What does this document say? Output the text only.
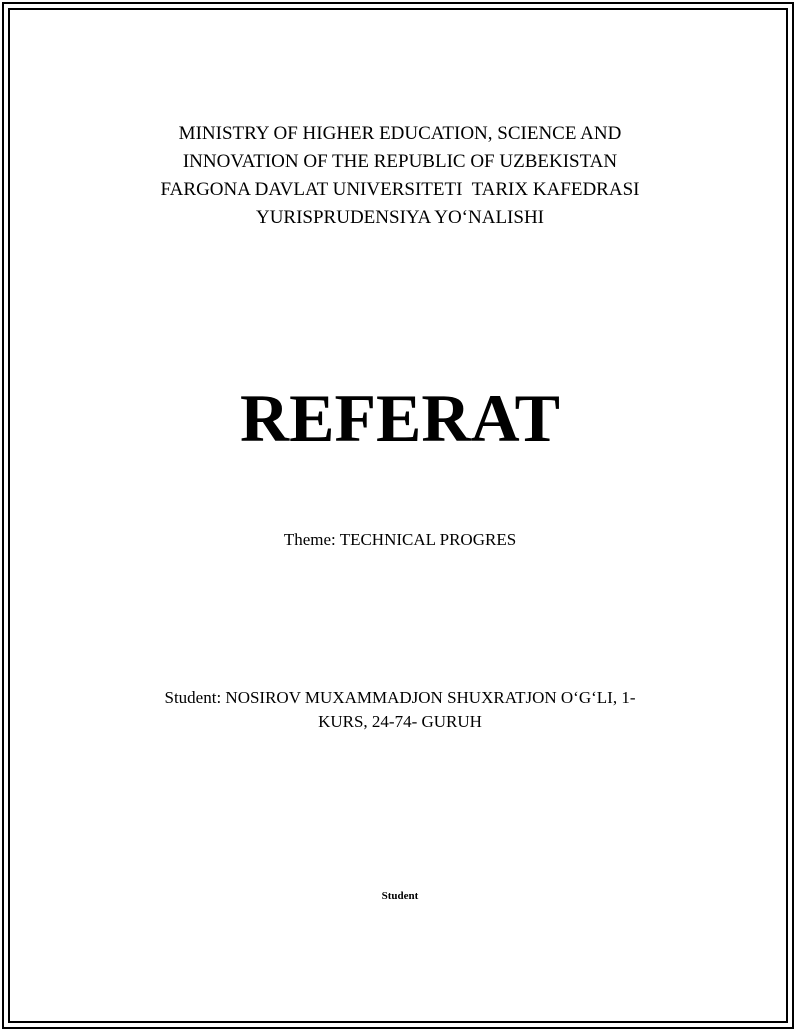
MINISTRY OF HIGHER EDUCATION, SCIENCE AND
INNOVATION OF THE REPUBLIC OF UZBEKISTAN
FARGONA DAVLAT UNIVERSITETI  TARIX KAFEDRASI
YURISPRUDENSIYA YO‘NALISHI
REFERAT
Theme: TECHNICAL PROGRES
Student: NOSIROV MUXAMMADJON SHUXRATJON O‘G‘LI, 1-
KURS, 24-74- GURUH
Student
